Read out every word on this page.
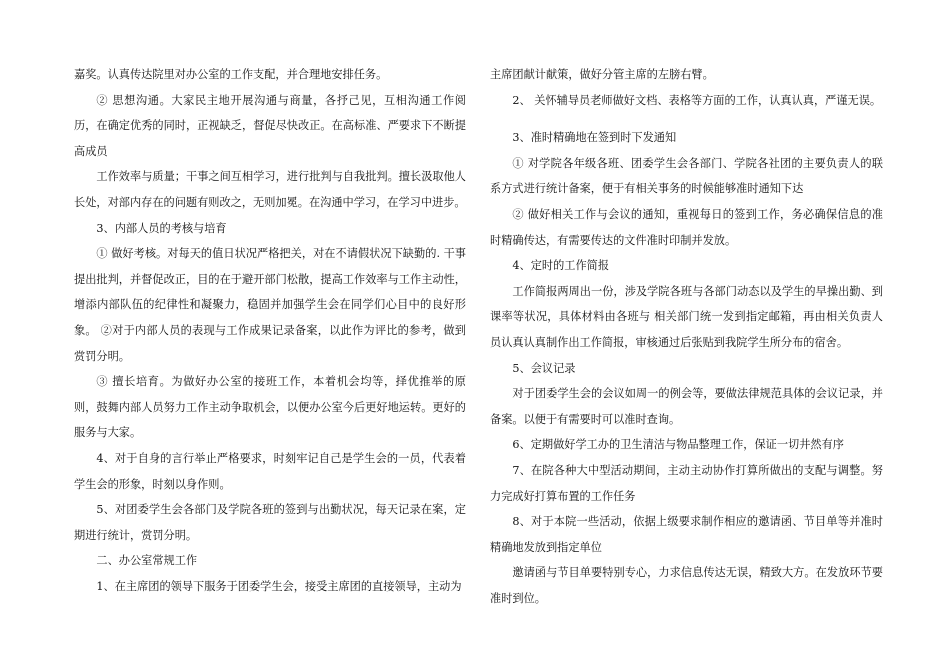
嘉奖。认真传达院里对办公室的工作支配，并合理地安排任务。

② 思想沟通。大家民主地开展沟通与商量，各抒己见，互相沟通工作阅历，在确定优秀的同时，正视缺乏，督促尽快改正。在高标准、严要求下不断提高成员

工作效率与质量；干事之间互相学习，进行批判与自我批判。擅长汲取他人长处，对部内存在的问题有则改之，无则加冕。在沟通中学习，在学习中进步。

3、内部人员的考核与培育

① 做好考核。对每天的值日状况严格把关，对在不请假状况下缺勤的. 干事提出批判，并督促改正，目的在于避开部门松散，提高工作效率与工作主动性，增添内部队伍的纪律性和凝聚力，稳固并加强学生会在同学们心目中的良好形象。 ②对于内部人员的表现与工作成果记录备案，以此作为评比的参考，做到赏罚分明。

③ 擅长培育。为做好办公室的接班工作，本着机会均等，择优推举的原则，鼓舞内部人员努力工作主动争取机会，以便办公室今后更好地运转。更好的服务与大家。

4、对于自身的言行举止严格要求，时刻牢记自己是学生会的一员，代表着学生会的形象，时刻以身作则。

5、对团委学生会各部门及学院各班的签到与出勤状况，每天记录在案，定期进行统计，赏罚分明。

二、办公室常规工作

1、在主席团的领导下服务于团委学生会，接受主席团的直接领导，主动为

主席团献计献策，做好分管主席的左膀右臂。

2、 关怀辅导员老师做好文档、表格等方面的工作，认真认真，严谨无误。

3、准时精确地在签到时下发通知

① 对学院各年级各班、团委学生会各部门、学院各社团的主要负责人的联系方式进行统计备案，便于有相关事务的时候能够准时通知下达

② 做好相关工作与会议的通知，重视每日的签到工作，务必确保信息的准时精确传达，有需要传达的文件准时印制并发放。

4、定时的工作简报

工作简报两周出一份，涉及学院各班与各部门动态以及学生的早操出勤、到课率等状况，具体材料由各班与 相关部门统一发到指定邮箱，再由相关负责人员认真认真制作出工作简报，审核通过后张贴到我院学生所分布的宿舍。

5、会议记录

对于团委学生会的会议如周一的例会等，要做法律规范具体的会议记录，并备案。以便于有需要时可以准时查询。

6、定期做好学工办的卫生清洁与物品整理工作，保证一切井然有序

7、在院各种大中型活动期间，主动主动协作打算所做出的支配与调整。努力完成好打算布置的工作任务

8、对于本院一些活动，依据上级要求制作相应的邀请函、节目单等并准时精确地发放到指定单位

邀请函与节目单要特别专心，力求信息传达无误，精致大方。在发放环节要准时到位。
